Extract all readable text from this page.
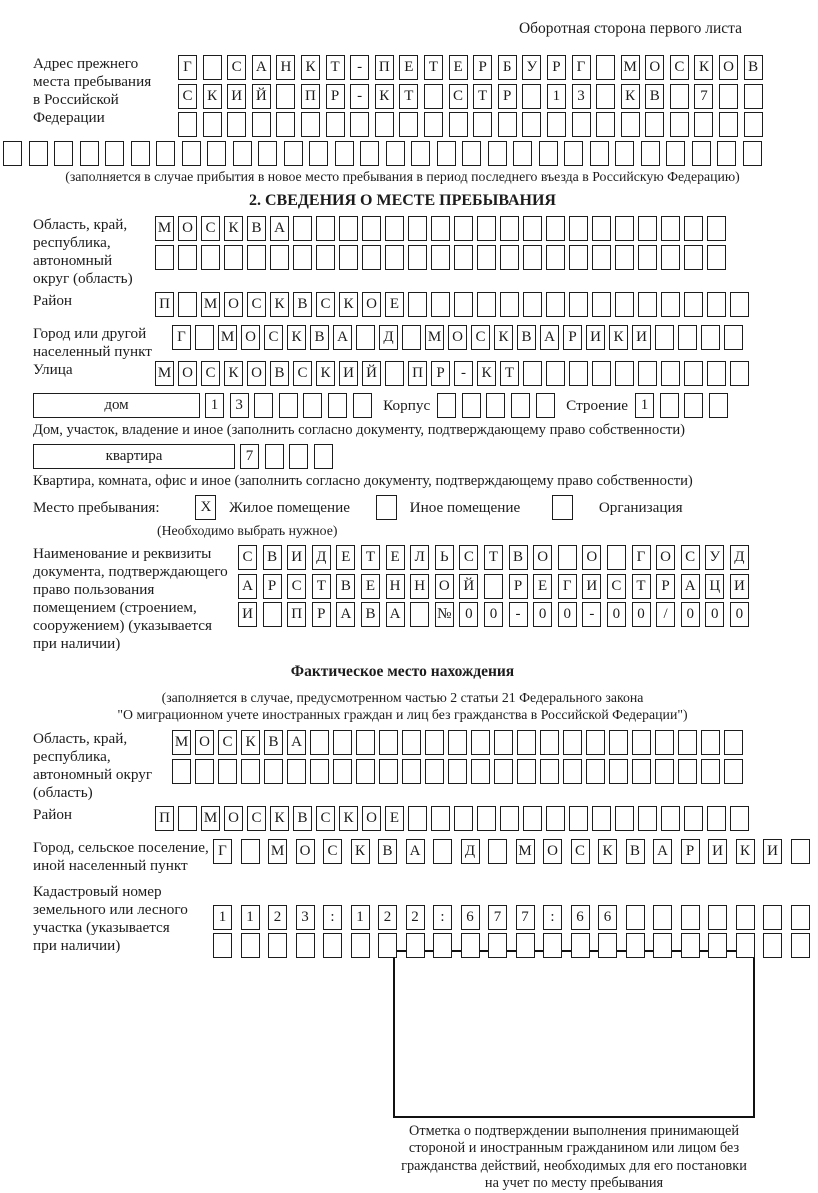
Оборотная сторона первого листа
Адрес прежнего
места пребывания
в Российской
Федерации
Г	С А Н К Т - П Е Т Е Р Б У Р Г	М О С К О В
С К И Й	П Р - К Т	С Т Р	1 3	К В	7
(заполняется в случае прибытия в новое место пребывания в период последнего въезда в Российскую Федерацию)
2. СВЕДЕНИЯ О МЕСТЕ ПРЕБЫВАНИЯ
Область, край,
республика,
автономный
округ (область)
М О С К В А
Район	П М О С К В С К О Е
Город или другой
населенный пункт
Г М О С К В А Д М О С К В А Р И К И
Улица	М О С К О В С К И Й П Р - К Т
дом	1 3	Корпус	Строение 1
Дом, участок, владение и иное (заполнить согласно документу, подтверждающему право собственности)
квартира	7
Квартира, комната, офис и иное (заполнить согласно документу, подтверждающему право собственности)
Место пребывания:	X Жилое помещение	Иное помещение	Организация
(Необходимо выбрать нужное)
Наименование и реквизиты
документа, подтверждающего
право пользования
помещением (строением,
сооружением) (указывается
при наличии)
С В И Д Е Т Е Л Ь С Т В О	О	Г О С У Д
А Р С Т В Е Н Н О Й	Р Е Г И С Т Р А Ц И
И	П Р А В А № 0 0 - 0 0 - 0 0 / 0 0 0
Фактическое место нахождения
(заполняется в случае, предусмотренном частью 2 статьи 21 Федерального закона
"О миграционном учете иностранных граждан и лиц без гражданства в Российской Федерации")
Область, край,
республика,
автономный округ
(область)
М О С К В А
Район	П М О С К В С К О Е
Город, сельское поселение,
иной населенный пункт
Г	М О С К В А	Д	М О С К В А Р И К И
Кадастровый номер
земельного или лесного
участка (указывается
при наличии)
1 1 2 3 : 1 2 2 : 6 7 7 : 6 6
Отметка о подтверждении выполнения принимающей
стороной и иностранным гражданином или лицом без
гражданства действий, необходимых для его постановки
на учет по месту пребывания
